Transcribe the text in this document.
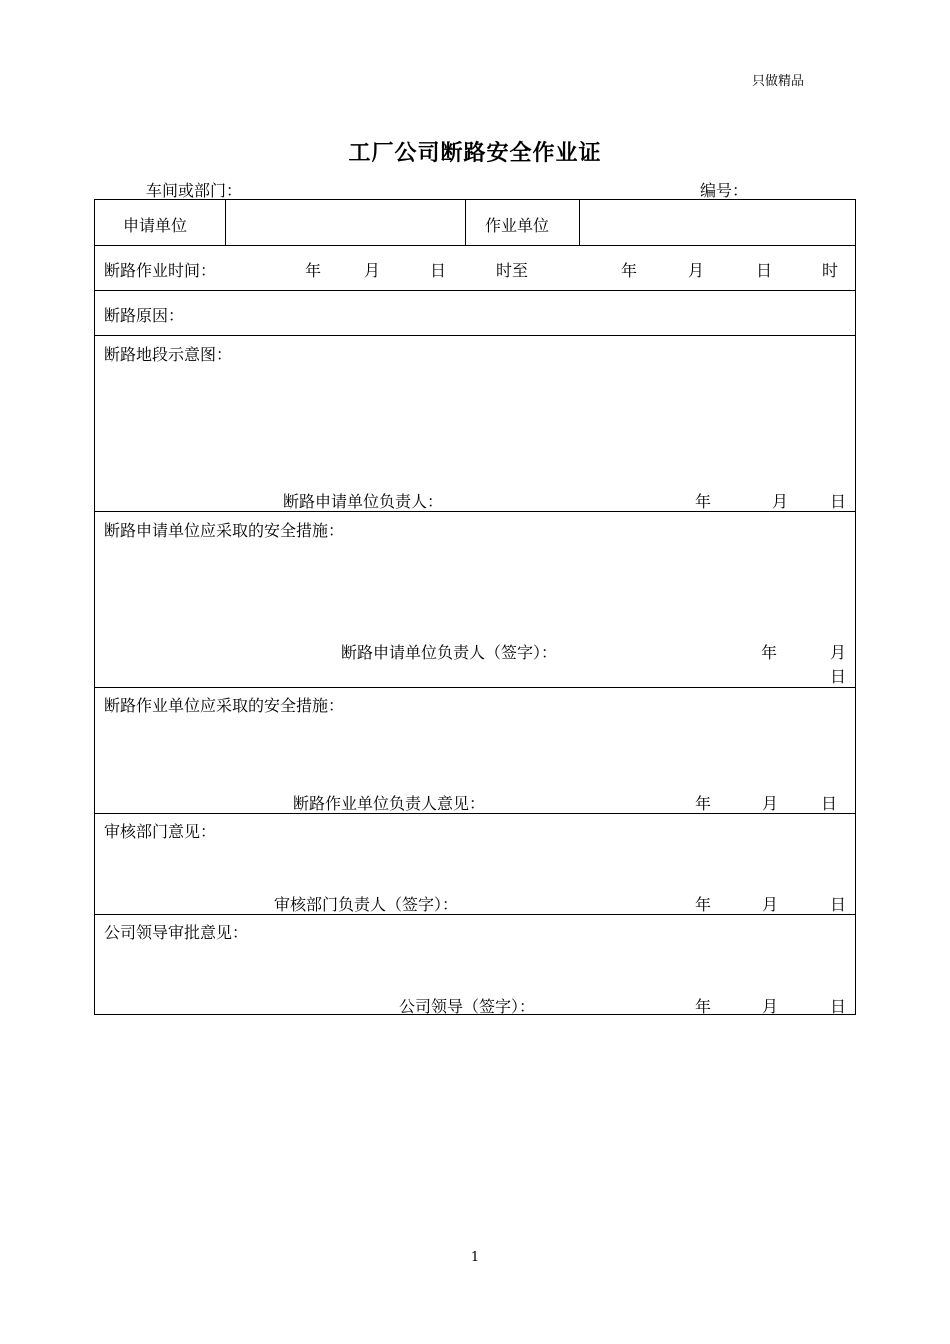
只做精品
工厂公司断路安全作业证
车间或部门：	编号：
申请单位	作业单位
断路作业时间：	年	月	日	时至	年	月	日	时
断路原因：
断路地段示意图：
断路申请单位负责人：	年	月	日
断路申请单位应采取的安全措施：
断路申请单位负责人（签字）：	年	月
日
断路作业单位应采取的安全措施：
断路作业单位负责人意见：	年	月	日
审核部门意见：
审核部门负责人（签字）：	年	月	日
公司领导审批意见：
公司领导（签字）：	年	月	日
1
